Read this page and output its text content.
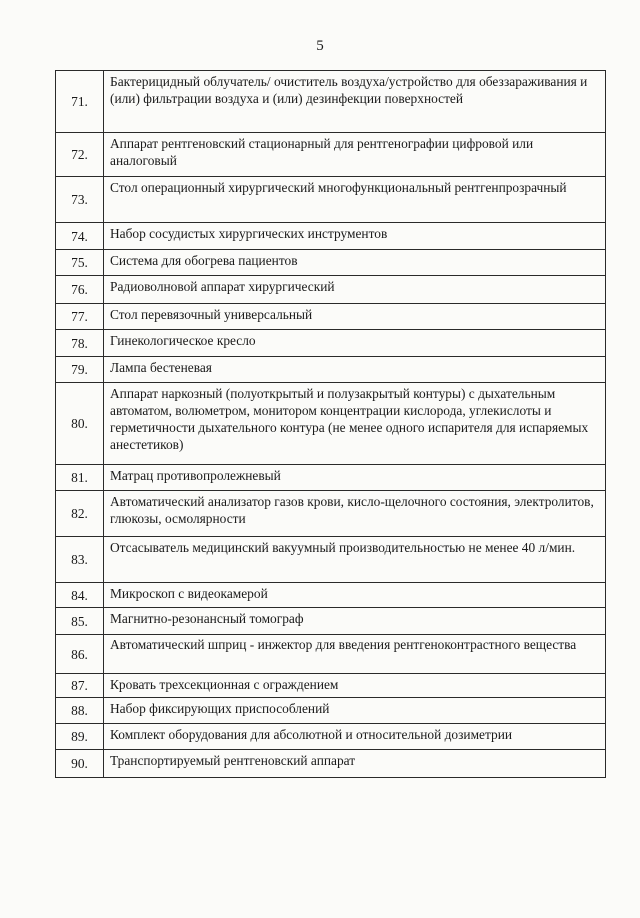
5
71.	Бактерицидный облучатель/ очиститель воздуха/устройство для обеззараживания и (или) фильтрации воздуха и (или) дезинфекции поверхностей
72.	Аппарат рентгеновский стационарный для рентгенографии цифровой или аналоговый
73.	Стол операционный хирургический многофункциональный рентгенпрозрачный
74.	Набор сосудистых хирургических инструментов
75.	Система для обогрева пациентов
76.	Радиоволновой аппарат хирургический
77.	Стол перевязочный универсальный
78.	Гинекологическое кресло
79.	Лампа бестеневая
80.	Аппарат наркозный (полуоткрытый и полузакрытый контуры) с дыхательным автоматом, волюметром, монитором концентрации кислорода, углекислоты и герметичности дыхательного контура (не менее одного испарителя для испаряемых анестетиков)
81.	Матрац противопролежневый
82.	Автоматический анализатор газов крови, кисло-щелочного состояния, электролитов, глюкозы, осмолярности
83.	Отсасыватель медицинский вакуумный производительностью не менее 40 л/мин.
84.	Микроскоп с видеокамерой
85.	Магнитно-резонансный томограф
86.	Автоматический шприц - инжектор для введения рентгеноконтрастного вещества
87.	Кровать трехсекционная с ограждением
88.	Набор фиксирующих приспособлений
89.	Комплект оборудования для абсолютной и относительной дозиметрии
90.	Транспортируемый рентгеновский аппарат
